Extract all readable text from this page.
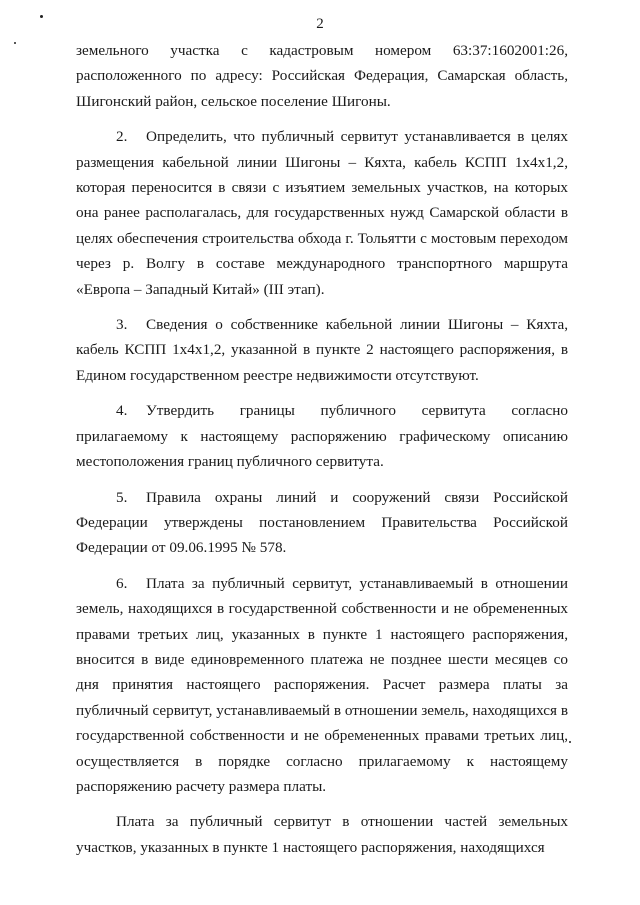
2

земельного участка с кадастровым номером 63:37:1602001:26, расположенного по адресу: Российская Федерация, Самарская область, Шигонский район, сельское поселение Шигоны.

2. Определить, что публичный сервитут устанавливается в целях размещения кабельной линии Шигоны – Кяхта, кабель КСПП 1х4х1,2, которая переносится в связи с изъятием земельных участков, на которых она ранее располагалась, для государственных нужд Самарской области в целях обеспечения строительства обхода г. Тольятти с мостовым переходом через р. Волгу в составе международного транспортного маршрута «Европа – Западный Китай» (III этап).

3. Сведения о собственнике кабельной линии Шигоны – Кяхта, кабель КСПП 1х4х1,2, указанной в пункте 2 настоящего распоряжения, в Едином государственном реестре недвижимости отсутствуют.

4. Утвердить границы публичного сервитута согласно прилагаемому к настоящему распоряжению графическому описанию местоположения границ публичного сервитута.

5. Правила охраны линий и сооружений связи Российской Федерации утверждены постановлением Правительства Российской Федерации от 09.06.1995 № 578.

6. Плата за публичный сервитут, устанавливаемый в отношении земель, находящихся в государственной собственности и не обремененных правами третьих лиц, указанных в пункте 1 настоящего распоряжения, вносится в виде единовременного платежа не позднее шести месяцев со дня принятия настоящего распоряжения. Расчет размера платы за публичный сервитут, устанавливаемый в отношении земель, находящихся в государственной собственности и не обремененных правами третьих лиц, осуществляется в порядке согласно прилагаемому к настоящему распоряжению расчету размера платы.

Плата за публичный сервитут в отношении частей земельных участков, указанных в пункте 1 настоящего распоряжения, находящихся
